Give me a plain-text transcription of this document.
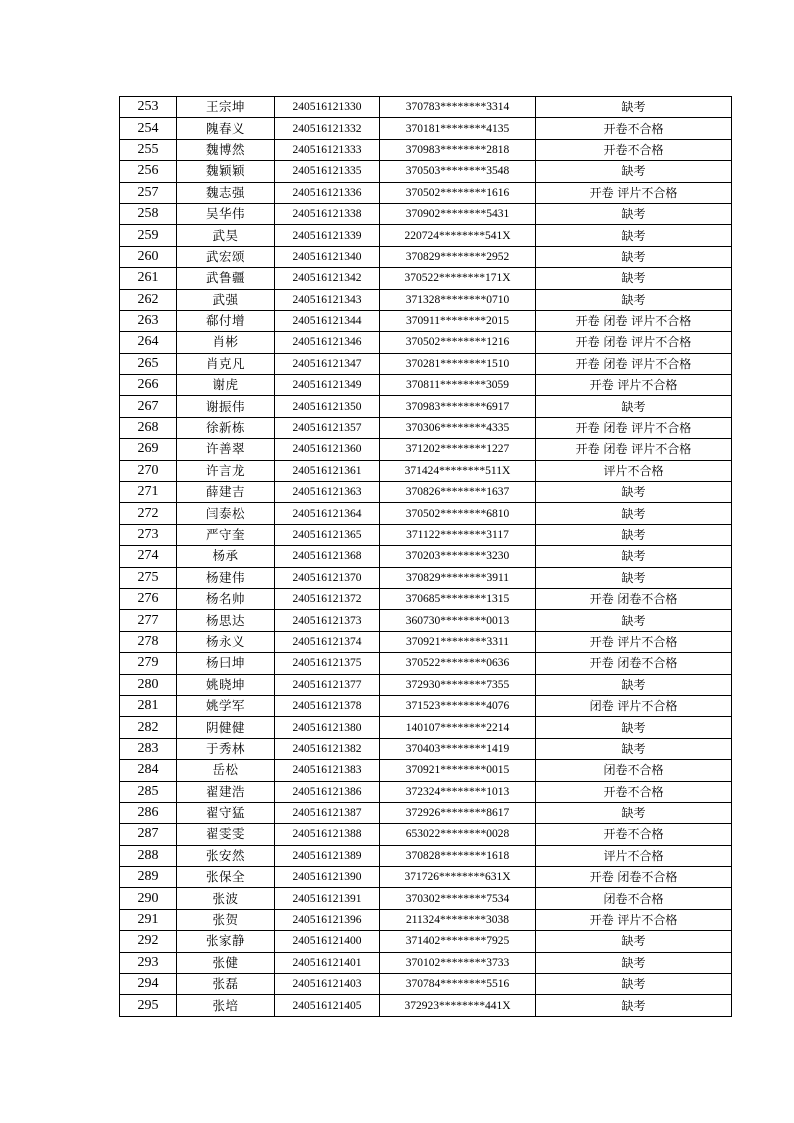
253	王宗坤	240516121330	370783********3314	缺考
254	隗春义	240516121332	370181********4135	开卷不合格
255	魏博然	240516121333	370983********2818	开卷不合格
256	魏颖颖	240516121335	370503********3548	缺考
257	魏志强	240516121336	370502********1616	开卷 评片不合格
258	吴华伟	240516121338	370902********5431	缺考
259	武昊	240516121339	220724********541X	缺考
260	武宏颂	240516121340	370829********2952	缺考
261	武鲁疆	240516121342	370522********171X	缺考
262	武强	240516121343	371328********0710	缺考
263	郗付增	240516121344	370911********2015	开卷 闭卷 评片不合格
264	肖彬	240516121346	370502********1216	开卷 闭卷 评片不合格
265	肖克凡	240516121347	370281********1510	开卷 闭卷 评片不合格
266	谢虎	240516121349	370811********3059	开卷 评片不合格
267	谢振伟	240516121350	370983********6917	缺考
268	徐新栋	240516121357	370306********4335	开卷 闭卷 评片不合格
269	许善翠	240516121360	371202********1227	开卷 闭卷 评片不合格
270	许言龙	240516121361	371424********511X	评片不合格
271	薛建吉	240516121363	370826********1637	缺考
272	闫泰松	240516121364	370502********6810	缺考
273	严守奎	240516121365	371122********3117	缺考
274	杨承	240516121368	370203********3230	缺考
275	杨建伟	240516121370	370829********3911	缺考
276	杨名帅	240516121372	370685********1315	开卷 闭卷不合格
277	杨思达	240516121373	360730********0013	缺考
278	杨永义	240516121374	370921********3311	开卷 评片不合格
279	杨曰坤	240516121375	370522********0636	开卷 闭卷不合格
280	姚晓坤	240516121377	372930********7355	缺考
281	姚学军	240516121378	371523********4076	闭卷 评片不合格
282	阴健健	240516121380	140107********2214	缺考
283	于秀林	240516121382	370403********1419	缺考
284	岳松	240516121383	370921********0015	闭卷不合格
285	翟建浩	240516121386	372324********1013	开卷不合格
286	翟守猛	240516121387	372926********8617	缺考
287	翟雯雯	240516121388	653022********0028	开卷不合格
288	张安然	240516121389	370828********1618	评片不合格
289	张保全	240516121390	371726********631X	开卷 闭卷不合格
290	张波	240516121391	370302********7534	闭卷不合格
291	张贺	240516121396	211324********3038	开卷 评片不合格
292	张家静	240516121400	371402********7925	缺考
293	张健	240516121401	370102********3733	缺考
294	张磊	240516121403	370784********5516	缺考
295	张培	240516121405	372923********441X	缺考
